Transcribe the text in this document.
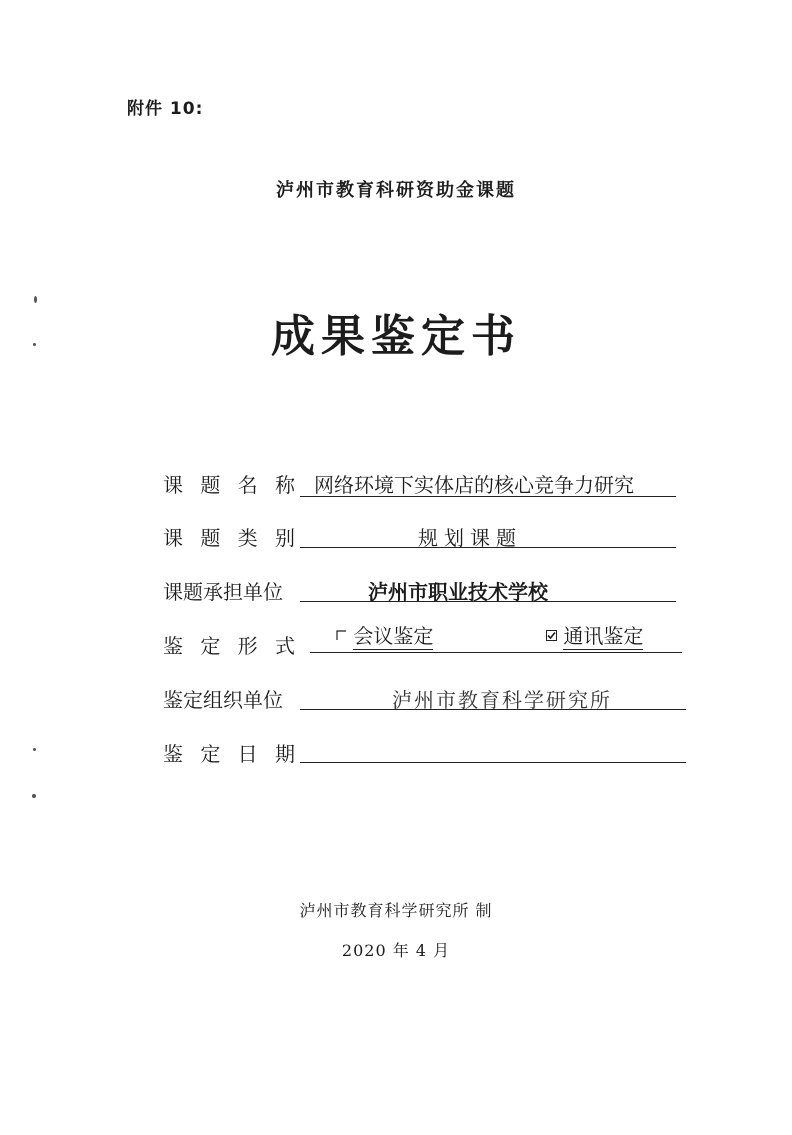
附件 10:
泸州市教育科研资助金课题
成果鉴定书
课 题 名 称 网络环境下实体店的核心竞争力研究
课 题 类 别	规划课题
课题承担单位	泸州市职业技术学校
鉴 定 形 式	会议鉴定	通讯鉴定
鉴定组织单位	泸州市教育科学研究所
鉴 定 日 期
泸州市教育科学研究所 制
2020 年 4 月
